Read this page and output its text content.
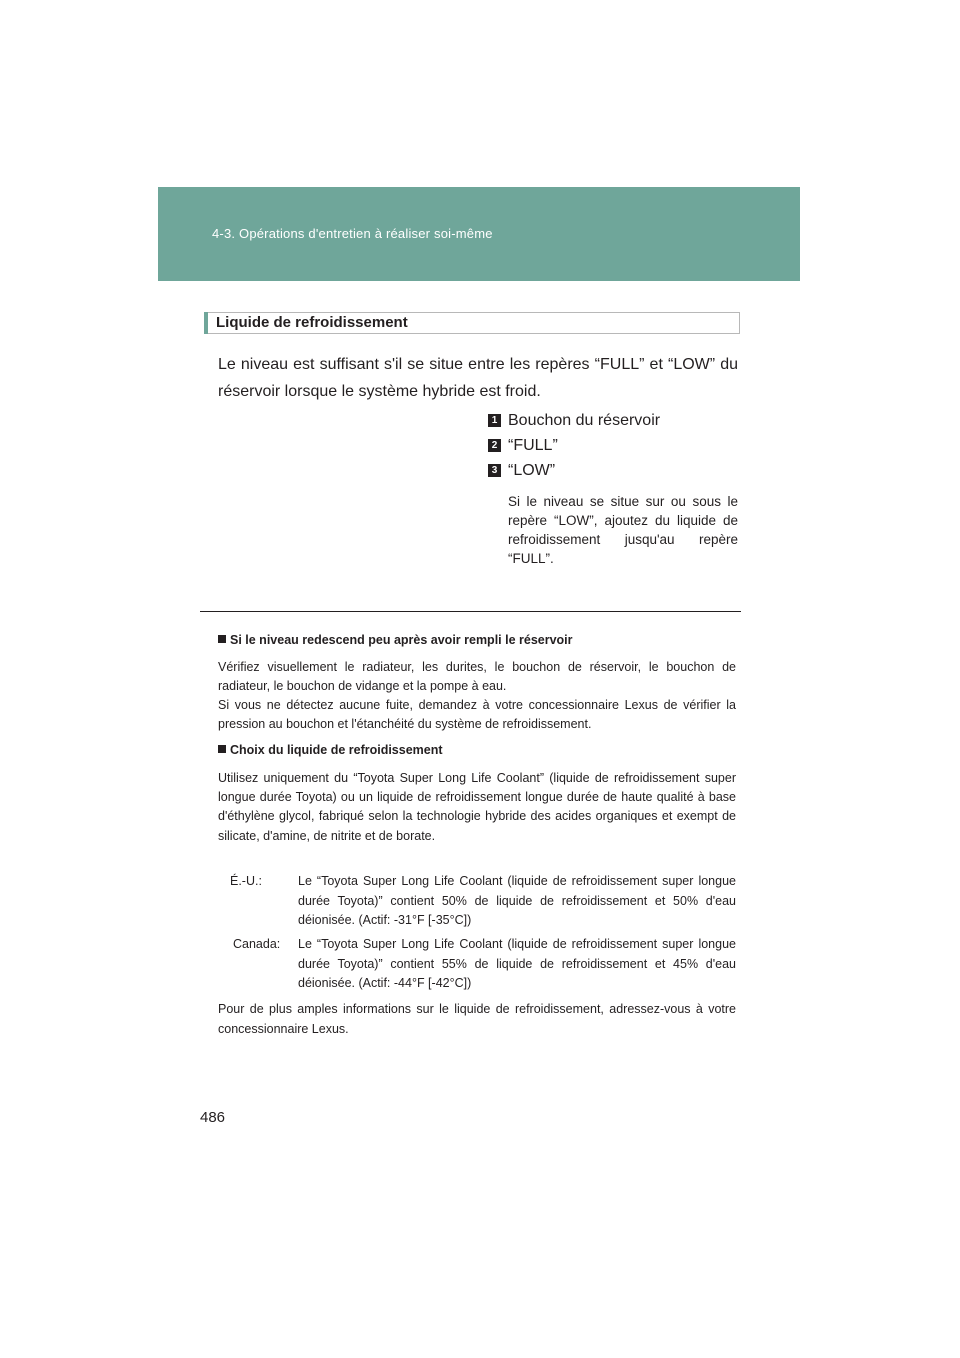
4-3. Opérations d'entretien à réaliser soi-même
Liquide de refroidissement
Le niveau est suffisant s'il se situe entre les repères “FULL” et “LOW” du réservoir lorsque le système hybride est froid.
1 Bouchon du réservoir
2 “FULL”
3 “LOW”
Si le niveau se situe sur ou sous le repère “LOW”, ajoutez du liquide de refroidissement jusqu'au repère “FULL”.
Si le niveau redescend peu après avoir rempli le réservoir
Vérifiez visuellement le radiateur, les durites, le bouchon de réservoir, le bouchon de radiateur, le bouchon de vidange et la pompe à eau.
Si vous ne détectez aucune fuite, demandez à votre concessionnaire Lexus de vérifier la pression au bouchon et l'étanchéité du système de refroidissement.
Choix du liquide de refroidissement
Utilisez uniquement du “Toyota Super Long Life Coolant” (liquide de refroidissement super longue durée Toyota) ou un liquide de refroidissement longue durée de haute qualité à base d'éthylène glycol, fabriqué selon la technologie hybride des acides organiques et exempt de silicate, d'amine, de nitrite et de borate.
É.-U.:	Le “Toyota Super Long Life Coolant (liquide de refroidissement super longue durée Toyota)” contient 50% de liquide de refroidissement et 50% d'eau déionisée. (Actif: -31°F [-35°C])
Canada: Le “Toyota Super Long Life Coolant (liquide de refroidissement super longue durée Toyota)” contient 55% de liquide de refroidissement et 45% d'eau déionisée. (Actif: -44°F [-42°C])
Pour de plus amples informations sur le liquide de refroidissement, adressez-vous à votre concessionnaire Lexus.
486
